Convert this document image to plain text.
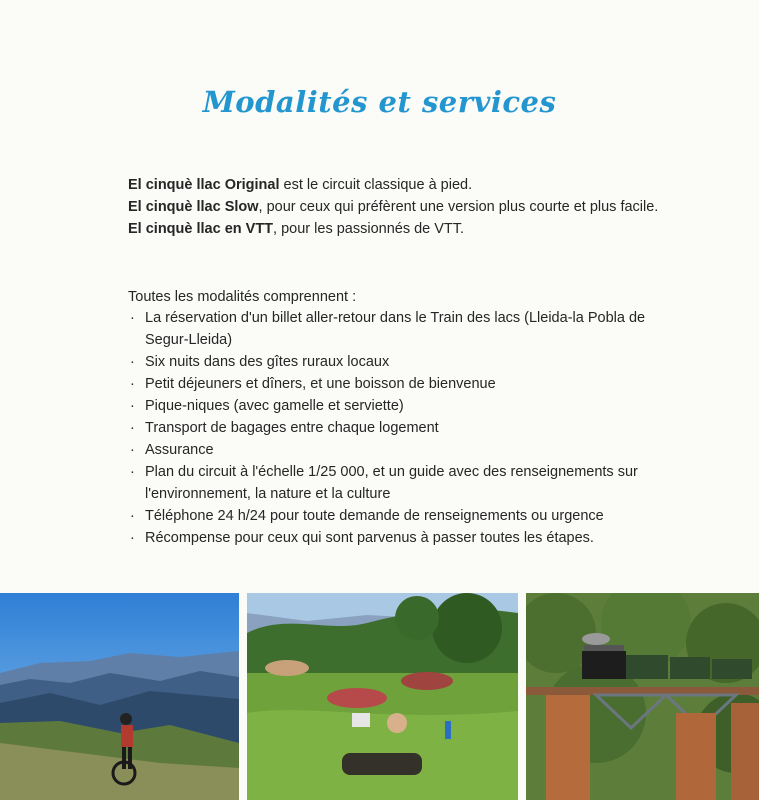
Modalités et services

El cinquè llac Original est le circuit classique à pied.

El cinquè llac Slow, pour ceux qui préfèrent une version plus courte et plus facile.

El cinquè llac en VTT, pour les passionnés de VTT.

Toutes les modalités comprennent :

· La réservation d'un billet aller-retour dans le Train des lacs (Lleida-la Pobla de Segur-Lleida)
· Six nuits dans des gîtes ruraux locaux
· Petit déjeuners et dîners, et une boisson de bienvenue
· Pique-niques (avec gamelle et serviette)
· Transport de bagages entre chaque logement
· Assurance
· Plan du circuit à l'échelle 1/25 000, et un guide avec des renseignements sur l'environnement, la nature et la culture
· Téléphone 24 h/24 pour toute demande de renseignements ou urgence
· Récompense pour ceux qui sont parvenus à passer toutes les étapes.
